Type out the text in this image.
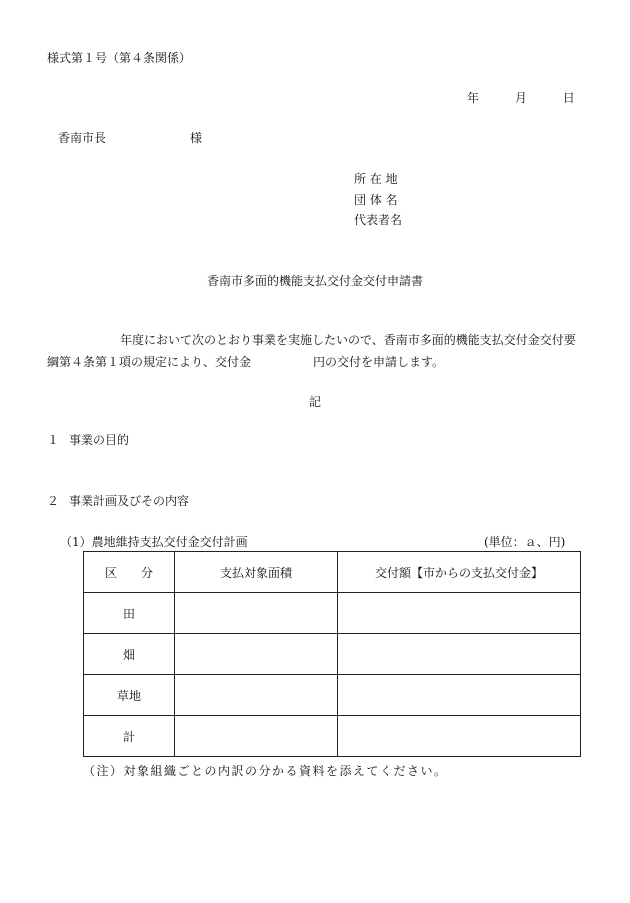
様式第１号（第４条関係）
年	月	日
香南市長	様
所 在 地
団 体 名
代表者名
香南市多面的機能支払交付金交付申請書
年度において次のとおり事業を実施したいので、香南市多面的機能支払交付金交付要
綱第４条第１項の規定により、交付金	円の交付を申請します。
記
１ 事業の目的
２ 事業計画及びその内容
（1）農地維持支払交付金交付計画	(単位：ａ、円)
区　　分	支払対象面積	交付額【市からの支払交付金】
田		
畑		
草地		
計		
（注）対象組織ごとの内訳の分かる資料を添えてください。
